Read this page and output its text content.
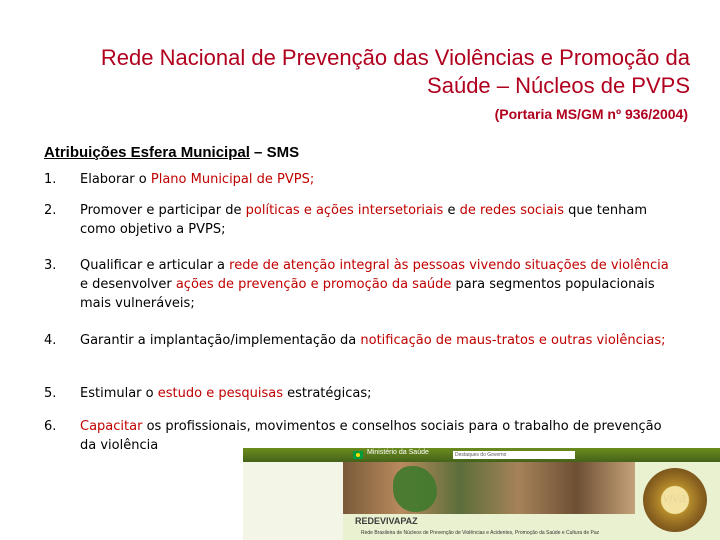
Rede Nacional de Prevenção das Violências e Promoção da
Saúde – Núcleos de PVPS
(Portaria MS/GM nº 936/2004)
Atribuições Esfera Municipal – SMS
1. Elaborar o Plano Municipal de PVPS;
2. Promover e participar de políticas e ações intersetoriais e de redes sociais que tenham como objetivo a PVPS;
3. Qualificar e articular a rede de atenção integral às pessoas vivendo situações de violência e desenvolver ações de prevenção e promoção da saúde para segmentos populacionais mais vulneráveis;
4. Garantir a implantação/implementação da notificação de maus-tratos e outras violências;
5. Estimular o estudo e pesquisas estratégicas;
6. Capacitar os profissionais, movimentos e conselhos sociais para o trabalho de prevenção da violência	Ministério da Saúde	Destaques do Governo
REDEVIVAPAZ
Rede Brasileira de Núcleos de Prevenção de Violências e Acidentes, Promoção da Saúde e Cultura de Paz
viva
